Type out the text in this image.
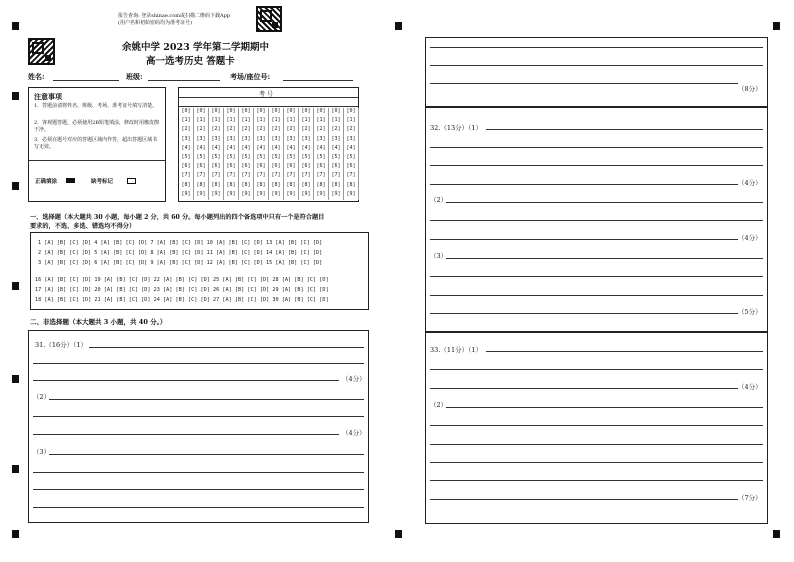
报告查询: 登录shinae.com或扫描二维码下载App
(用户名和初始密码均为准考证号)
余姚中学 2023 学年第二学期期中
高一选考历史 答题卡
姓名:	班级:	考场/座位号:
注意事项
1．答题前请将姓名、班级、考场、准考证号填写清楚。
2．客观题答题，必须使用2B铅笔填涂，修改时用橡皮擦干净。
3．必须在题号对应的答题区域内作答，超出答题区域书写无效。
正确填涂	缺考标记
考 号
[0]	[0]	[0]	[0]	[0]	[0]	[0]	[0]	[0]	[0]	[0]	[0]
[1]	[1]	[1]	[1]	[1]	[1]	[1]	[1]	[1]	[1]	[1]	[1]
[2]	[2]	[2]	[2]	[2]	[2]	[2]	[2]	[2]	[2]	[2]	[2]
[3]	[3]	[3]	[3]	[3]	[3]	[3]	[3]	[3]	[3]	[3]	[3]
[4]	[4]	[4]	[4]	[4]	[4]	[4]	[4]	[4]	[4]	[4]	[4]
[5]	[5]	[5]	[5]	[5]	[5]	[5]	[5]	[5]	[5]	[5]	[5]
[6]	[6]	[6]	[6]	[6]	[6]	[6]	[6]	[6]	[6]	[6]	[6]
[7]	[7]	[7]	[7]	[7]	[7]	[7]	[7]	[7]	[7]	[7]	[7]
[8]	[8]	[8]	[8]	[8]	[8]	[8]	[8]	[8]	[8]	[8]	[8]
[9]	[9]	[9]	[9]	[9]	[9]	[9]	[9]	[9]	[9]	[9]	[9]
一、选择题（本大题共 30 小题，每小题 2 分，共 60 分。每小题列出的四个备选项中只有一个是符合题目
要求的，不选、多选、错选均不得分）
1 [A] [B] [C] [D] 4 [A] [B] [C] [D] 7 [A] [B] [C] [D] 10 [A] [B] [C] [D] 13 [A] [B] [C] [D]
2 [A] [B] [C] [D] 5 [A] [B] [C] [D] 8 [A] [B] [C] [D] 11 [A] [B] [C] [D] 14 [A] [B] [C] [D]
3 [A] [B] [C] [D] 6 [A] [B] [C] [D] 9 [A] [B] [C] [D] 12 [A] [B] [C] [D] 15 [A] [B] [C] [D]
16 [A] [B] [C] [D] 19 [A] [B] [C] [D] 22 [A] [B] [C] [D] 25 [A] [B] [C] [D] 28 [A] [B] [C] [D]
17 [A] [B] [C] [D] 20 [A] [B] [C] [D] 23 [A] [B] [C] [D] 26 [A] [B] [C] [D] 29 [A] [B] [C] [D]
18 [A] [B] [C] [D] 21 [A] [B] [C] [D] 24 [A] [B] [C] [D] 27 [A] [B] [C] [D] 30 [A] [B] [C] [D]
二、非选择题（本大题共 3 小题，共 40 分。）
31.（16分）（1）
（4分）
（2）
（4分）
（3）
（8分）
32.（13分）（1）
（4分）
（2）
（4分）
（3）
（5分）
33.（11分）（1）
（4分）
（2）
（7分）
